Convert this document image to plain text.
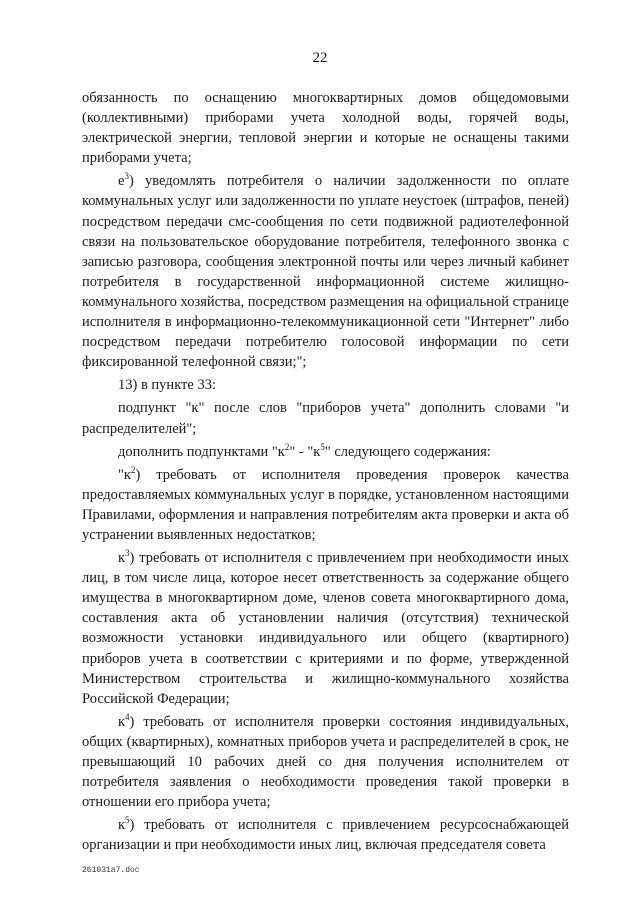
22

обязанность по оснащению многоквартирных домов общедомовыми (коллективными) приборами учета холодной воды, горячей воды, электрической энергии, тепловой энергии и которые не оснащены такими приборами учета;

$е^3$) уведомлять потребителя о наличии задолженности по оплате коммунальных услуг или задолженности по уплате неустоек (штрафов, пеней) посредством передачи смс-сообщения по сети подвижной радиотелефонной связи на пользовательское оборудование потребителя, телефонного звонка с записью разговора, сообщения электронной почты или через личный кабинет потребителя в государственной информационной системе жилищно-коммунального хозяйства, посредством размещения на официальной странице исполнителя в информационно-телекоммуникационной сети "Интернет" либо посредством передачи потребителю голосовой информации по сети фиксированной телефонной связи;";

13) в пункте 33:

подпункт "к" после слов "приборов учета" дополнить словами "и распределителей";

дополнить подпунктами "$к^2$" - "$к^5$" следующего содержания:

"$к^2$) требовать от исполнителя проведения проверок качества предоставляемых коммунальных услуг в порядке, установленном настоящими Правилами, оформления и направления потребителям акта проверки и акта об устранении выявленных недостатков;

$к^3$) требовать от исполнителя с привлечением при необходимости иных лиц, в том числе лица, которое несет ответственность за содержание общего имущества в многоквартирном доме, членов совета многоквартирного дома, составления акта об установлении наличия (отсутствия) технической возможности установки индивидуального или общего (квартирного) приборов учета в соответствии с критериями и по форме, утвержденной Министерством строительства и жилищно-коммунального хозяйства Российской Федерации;

$к^4$) требовать от исполнителя проверки состояния индивидуальных, общих (квартирных), комнатных приборов учета и распределителей в срок, не превышающий 10 рабочих дней со дня получения исполнителем от потребителя заявления о необходимости проведения такой проверки в отношении его прибора учета;

$к^5$) требовать от исполнителя с привлечением ресурсоснабжающей организации и при необходимости иных лиц, включая председателя совета

261031a7.doc
